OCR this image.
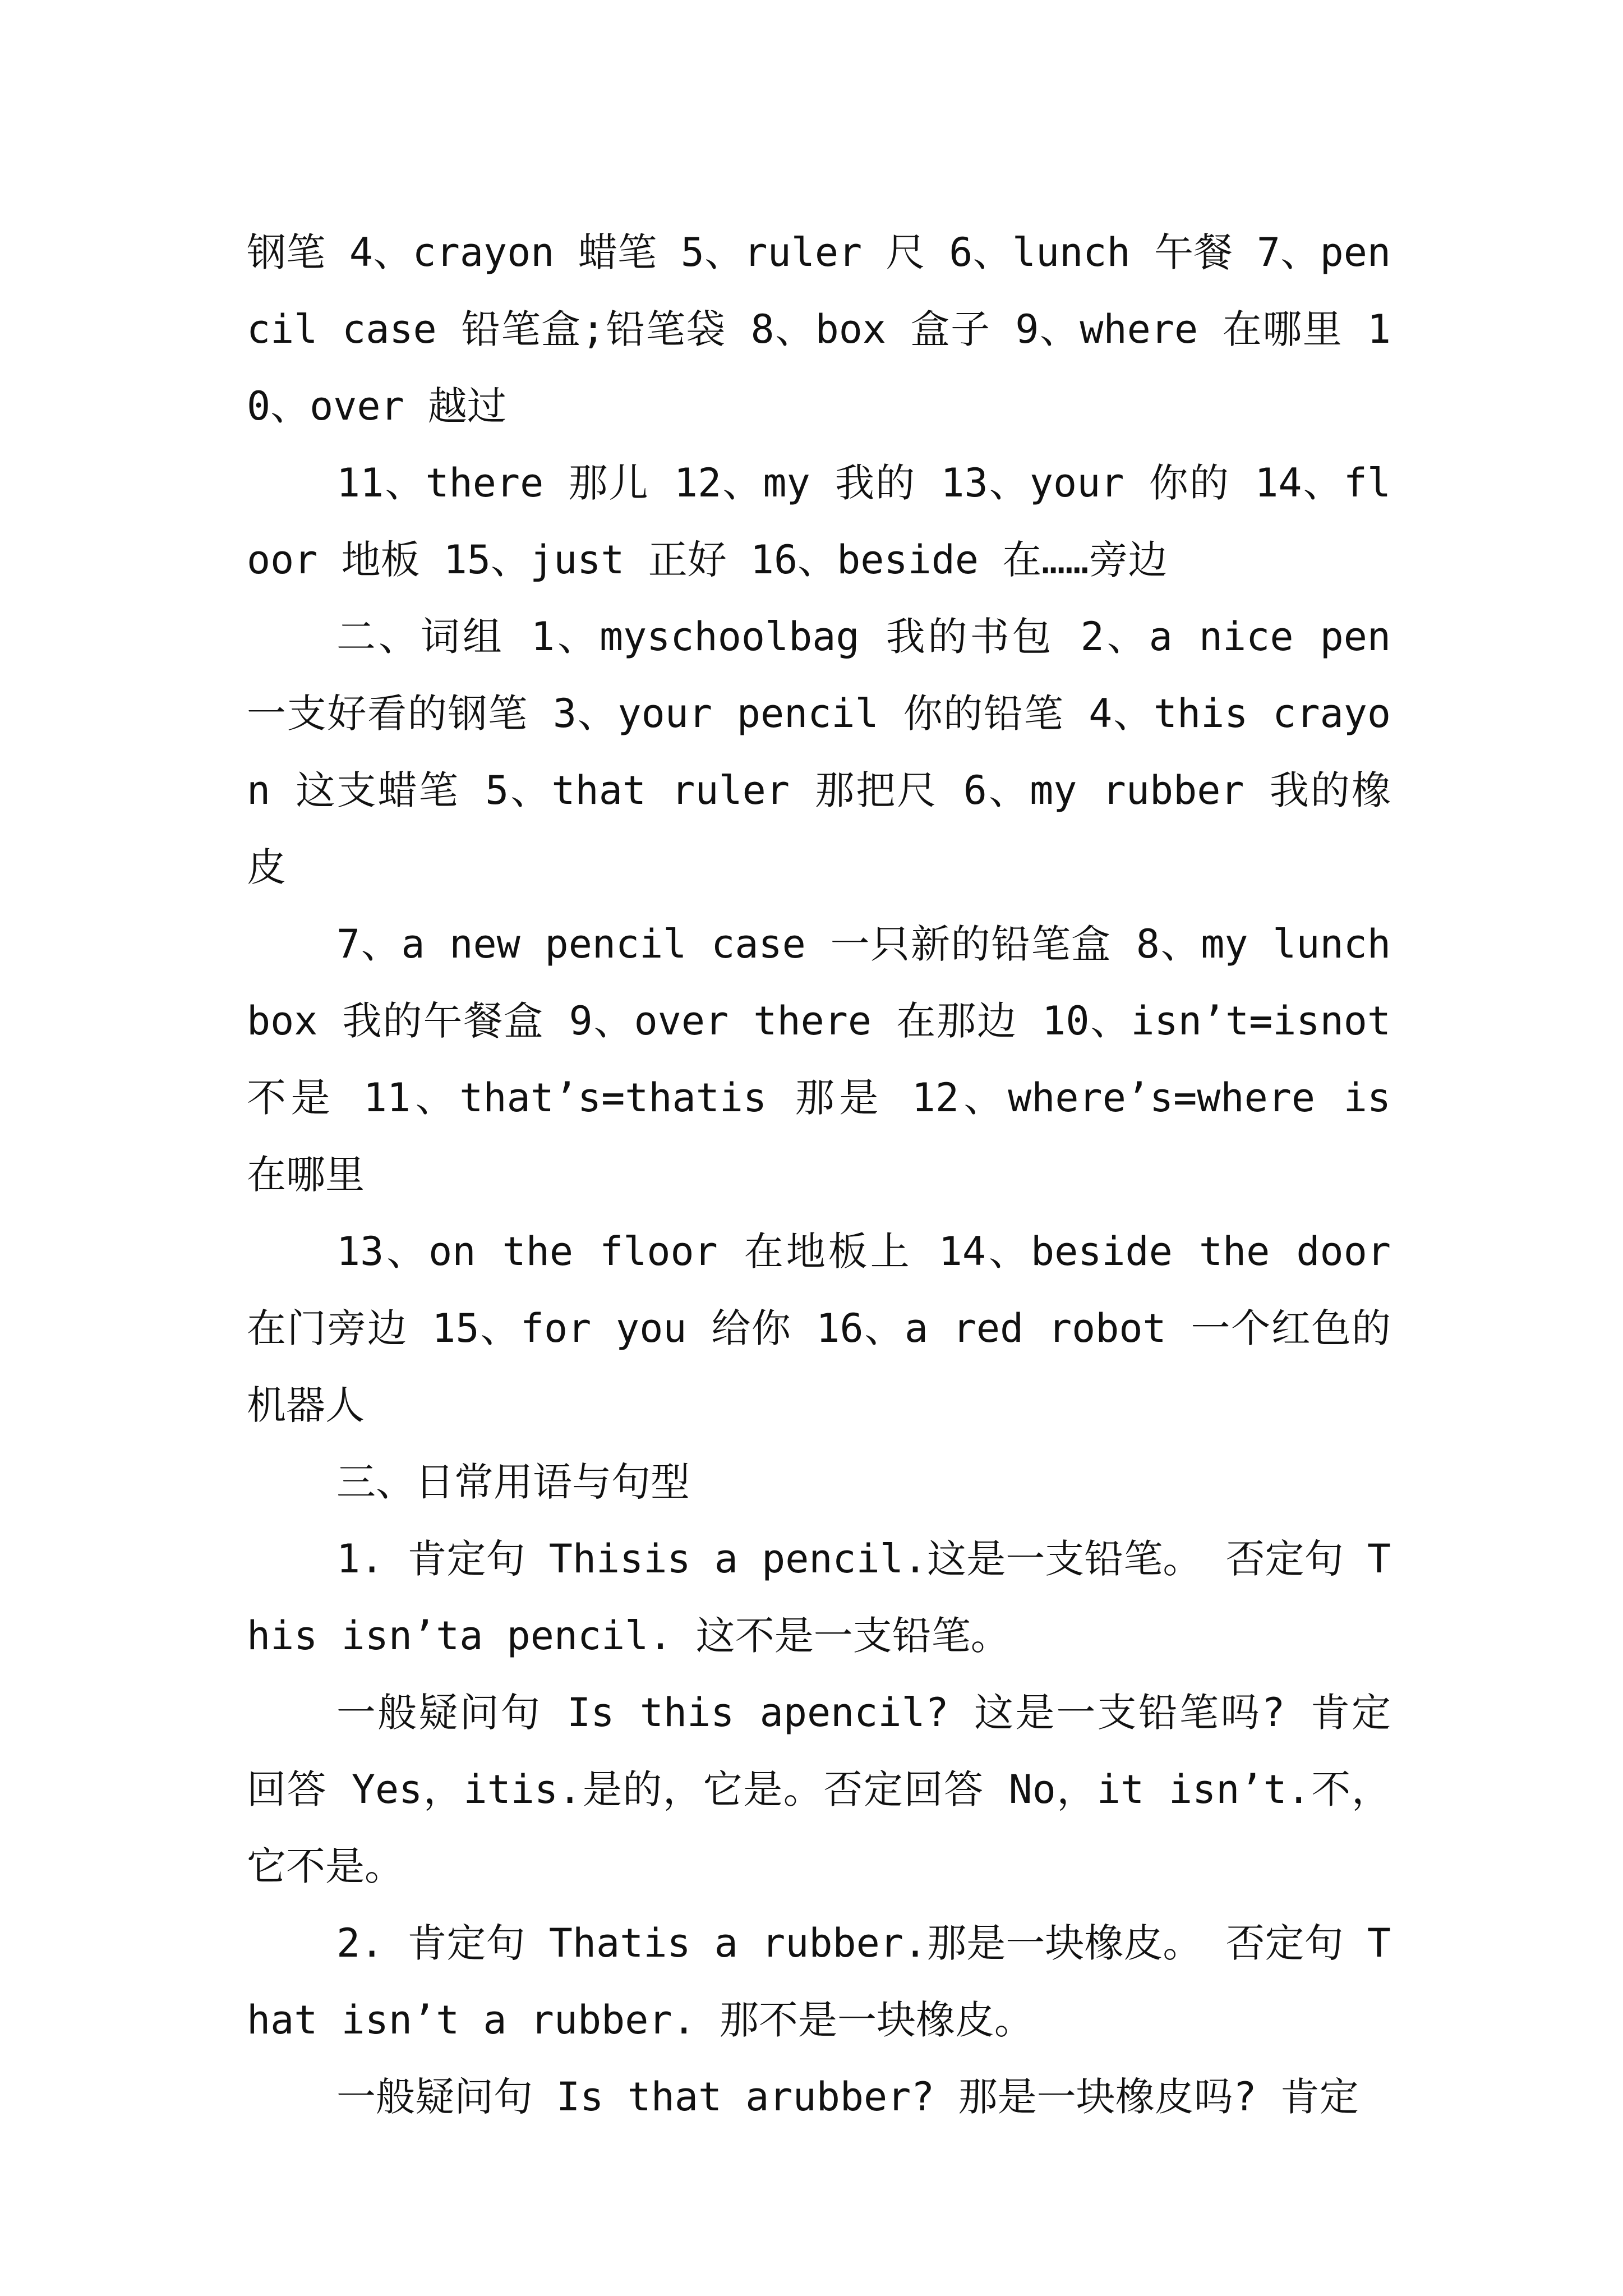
钢笔 4、crayon 蜡笔 5、ruler 尺 6、lunch 午餐 7、pencil case 铅笔盒;铅笔袋 8、box 盒子 9、where 在哪里 10、over 越过

11、there 那儿 12、my 我的 13、your 你的 14、floor 地板 15、just 正好 16、beside 在……旁边

二、词组 1、myschoolbag 我的书包 2、a nice pen 一支好看的钢笔 3、your pencil 你的铅笔 4、this crayon 这支蜡笔 5、that ruler 那把尺 6、my rubber 我的橡皮

7、a new pencil case 一只新的铅笔盒 8、my lunchbox 我的午餐盒 9、over there 在那边 10、isn’t=isnot 不是 11、that’s=thatis 那是 12、where’s=where is 在哪里

13、on the floor 在地板上 14、beside the door 在门旁边 15、for you 给你 16、a red robot 一个红色的机器人

三、日常用语与句型

1. 肯定句 Thisis a pencil.这是一支铅笔。 否定句 This isn’ta pencil. 这不是一支铅笔。

一般疑问句 Is this apencil? 这是一支铅笔吗? 肯定回答 Yes，itis.是的，它是。否定回答 No，it isn’t.不，它不是。

2. 肯定句 Thatis a rubber.那是一块橡皮。 否定句 That isn’t a rubber. 那不是一块橡皮。

一般疑问句 Is that arubber? 那是一块橡皮吗? 肯定
